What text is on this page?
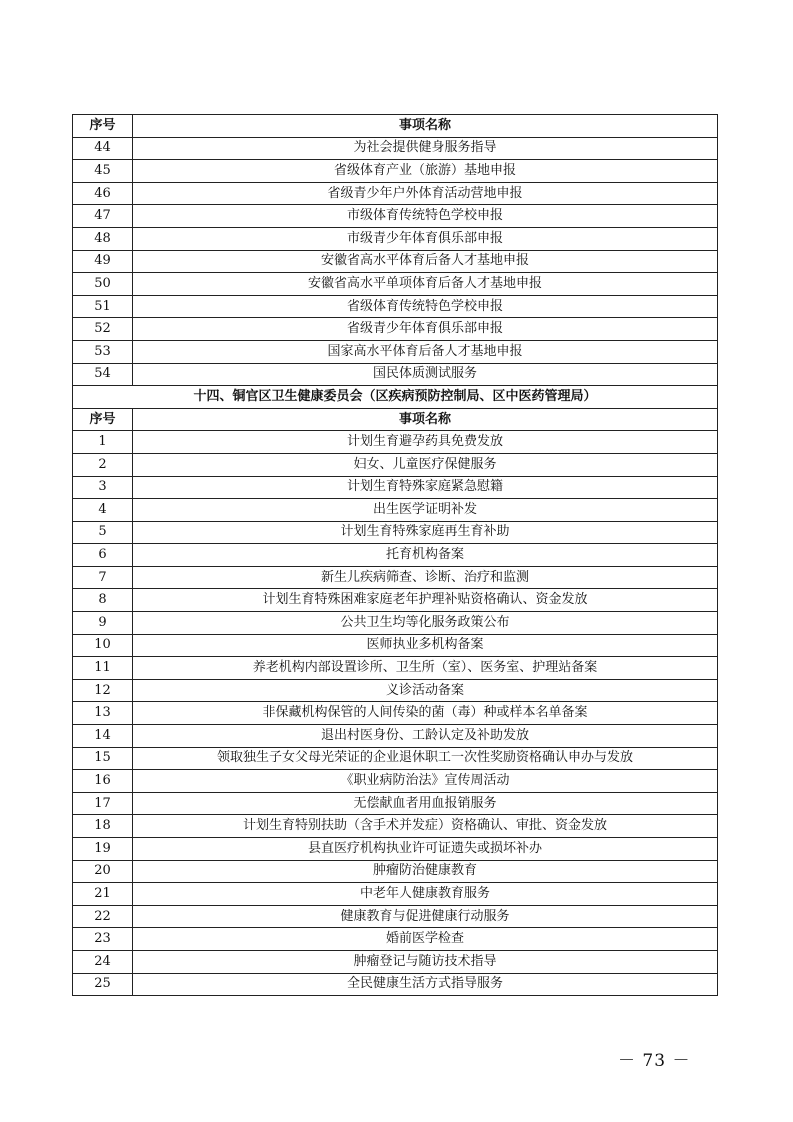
序号	事项名称
44	为社会提供健身服务指导
45	省级体育产业（旅游）基地申报
46	省级青少年户外体育活动营地申报
47	市级体育传统特色学校申报
48	市级青少年体育俱乐部申报
49	安徽省高水平体育后备人才基地申报
50	安徽省高水平单项体育后备人才基地申报
51	省级体育传统特色学校申报
52	省级青少年体育俱乐部申报
53	国家高水平体育后备人才基地申报
54	国民体质测试服务
十四、铜官区卫生健康委员会（区疾病预防控制局、区中医药管理局）	
序号	事项名称
1	计划生育避孕药具免费发放
2	妇女、儿童医疗保健服务
3	计划生育特殊家庭紧急慰籍
4	出生医学证明补发
5	计划生育特殊家庭再生育补助
6	托育机构备案
7	新生儿疾病筛查、诊断、治疗和监测
8	计划生育特殊困难家庭老年护理补贴资格确认、资金发放
9	公共卫生均等化服务政策公布
10	医师执业多机构备案
11	养老机构内部设置诊所、卫生所（室）、医务室、护理站备案
12	义诊活动备案
13	非保藏机构保管的人间传染的菌（毒）种或样本名单备案
14	退出村医身份、工龄认定及补助发放
15	领取独生子女父母光荣证的企业退休职工一次性奖励资格确认申办与发放
16	《职业病防治法》宣传周活动
17	无偿献血者用血报销服务
18	计划生育特别扶助（含手术并发症）资格确认、审批、资金发放
19	县直医疗机构执业许可证遗失或损坏补办
20	肿瘤防治健康教育
21	中老年人健康教育服务
22	健康教育与促进健康行动服务
23	婚前医学检查
24	肿瘤登记与随访技术指导
25	全民健康生活方式指导服务
－ 73 －
